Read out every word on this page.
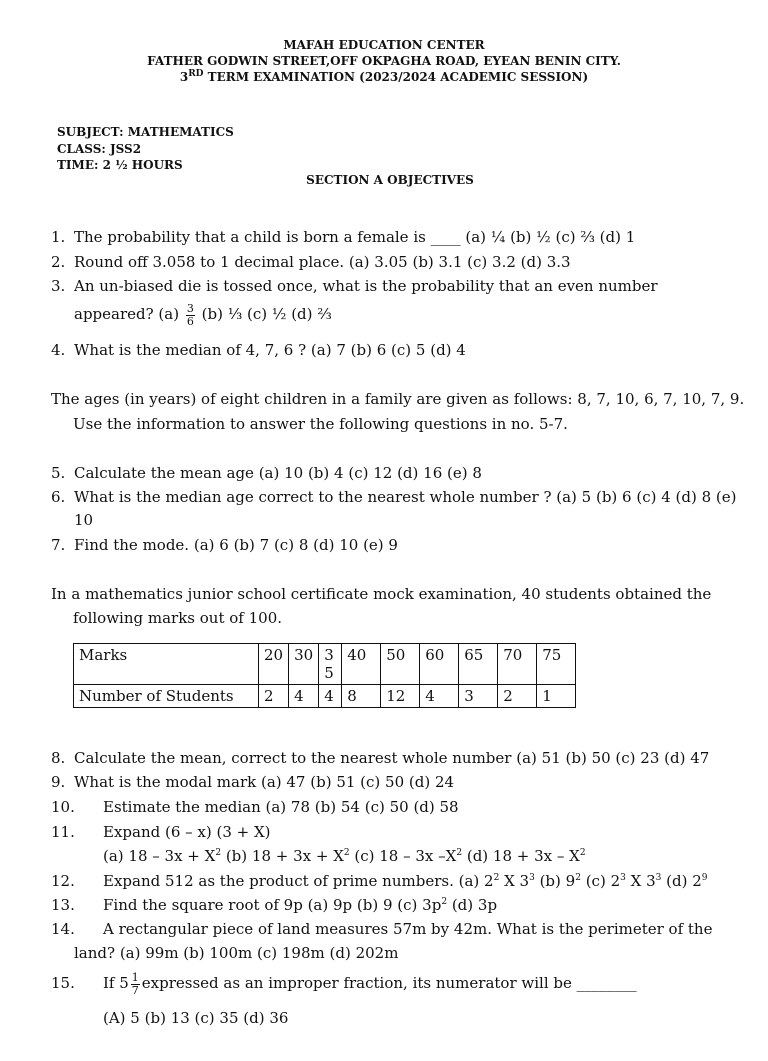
MAFAH EDUCATION CENTER
FATHER GODWIN STREET,OFF OKPAGHA ROAD, EYEAN BENIN CITY.
3RD TERM EXAMINATION (2023/2024 ACADEMIC SESSION)
SUBJECT: MATHEMATICS
CLASS: JSS2
TIME: 2 ½ HOURS
SECTION A OBJECTIVES
1. The probability that a child is born a female is ____ (a) ¼ (b) ½ (c) ⅔ (d) 1
2. Round off 3.058 to 1 decimal place. (a) 3.05 (b) 3.1 (c) 3.2 (d) 3.3
3. An un-biased die is tossed once, what is the probability that an even number
appeared? $(a) \frac{3}{6} (b)$ ⅓ (c) ½ (d) ⅔
4. What is the median of 4, 7, 6 ? (a) 7 (b) 6 (c) 5 (d) 4
The ages (in years) of eight children in a family are given as follows: 8, 7, 10, 6, 7, 10, 7, 9.
Use the information to answer the following questions in no. 5-7.
5. Calculate the mean age (a) 10 (b) 4 (c) 12 (d) 16 (e) 8
6. What is the median age correct to the nearest whole number ? (a) 5 (b) 6 (c) 4 (d) 8 (e)
10
7. Find the mode. (a) 6 (b) 7 (c) 8 (d) 10 (e) 9
In a mathematics junior school certificate mock examination, 40 students obtained the
following marks out of 100.
Marks	20	30	35	40	50	60	65	70	75
Number of Students	2	4	4	8	12	4	3	2	1
8. Calculate the mean, correct to the nearest whole number (a) 51 (b) 50 (c) 23 (d) 47
9. What is the modal mark (a) 47 (b) 51 (c) 50 (d) 24
10. Estimate the median (a) 78 (b) 54 (c) 50 (d) 58
11. Expand (6 – x) (3 + X)
(a) $18 - 3x + X^2$ (b) $18 + 3x + X^2$ (c) 18 – 3x $-X^2$ (d) $18 + 3x - X^2$
12. Expand 512 as the product of prime numbers. (a) $2^2$ X $3^3$ (b) $9^2$ (c) $2^3$ X $3^3$ (d) $2^9$
13. Find the square root of 9p (a) 9p (b) 9 (c) $3p^2$ (d) 3p
14. A rectangular piece of land measures 57m by 42m. What is the perimeter of the
land? (a) 99m (b) 100m (c) 198m (d) 202m
15. If $5 \frac{1}{7}$ expressed as an improper fraction, its numerator will be ________
(A) 5 (b) 13 (c) 35 (d) 36
